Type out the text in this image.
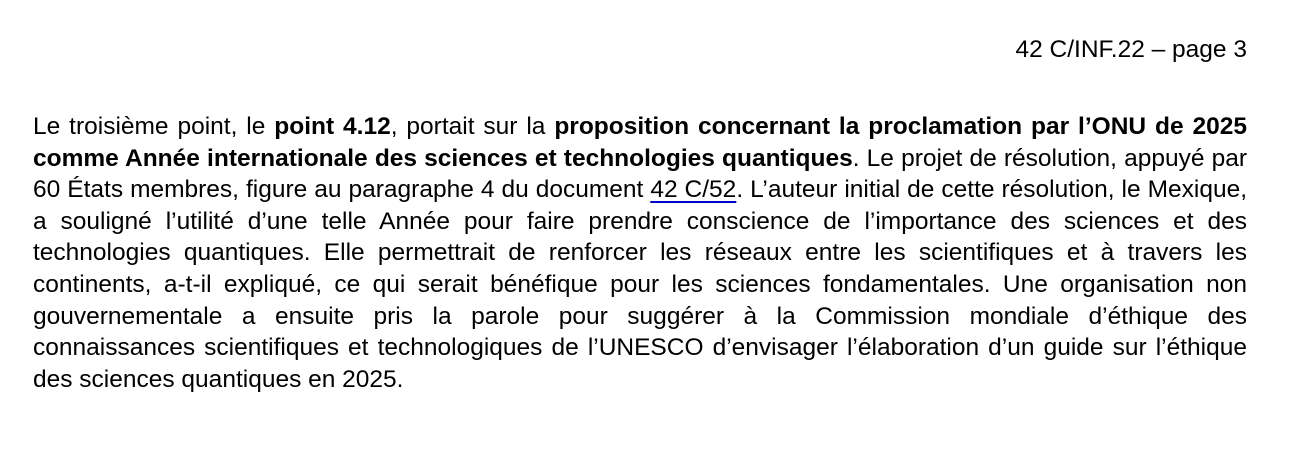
42 C/INF.22 – page 3

Le troisième point, le point 4.12, portait sur la proposition concernant la proclamation par l’ONU de 2025 comme Année internationale des sciences et technologies quantiques. Le projet de résolution, appuyé par 60 États membres, figure au paragraphe 4 du document 42 C/52. L’auteur initial de cette résolution, le Mexique, a souligné l’utilité d’une telle Année pour faire prendre conscience de l’importance des sciences et des technologies quantiques. Elle permettrait de renforcer les réseaux entre les scientifiques et à travers les continents, a-t-il expliqué, ce qui serait bénéfique pour les sciences fondamentales. Une organisation non gouvernementale a ensuite pris la parole pour suggérer à la Commission mondiale d’éthique des connaissances scientifiques et technologiques de l’UNESCO d’envisager l’élaboration d’un guide sur l’éthique des sciences quantiques en 2025.
